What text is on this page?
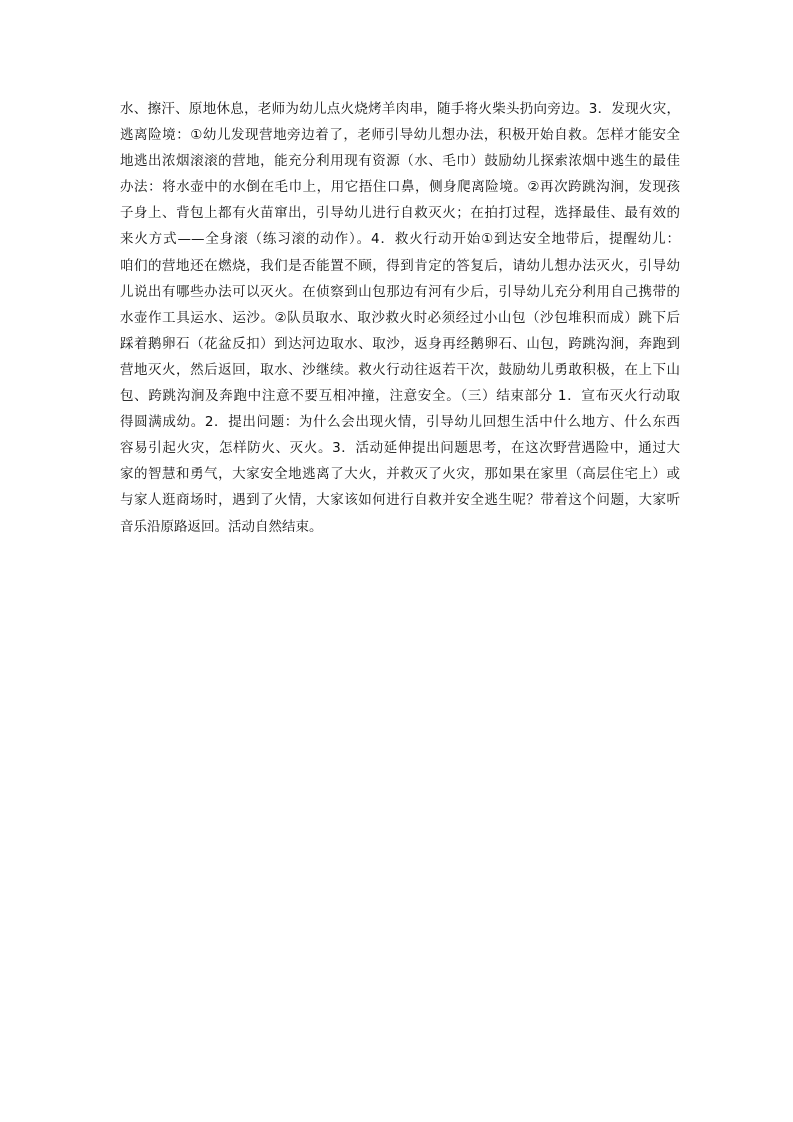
水、擦汗、原地休息，老师为幼儿点火烧烤羊肉串，随手将火柴头扔向旁边。3．发现火灾，
逃离险境：①幼儿发现营地旁边着了，老师引导幼儿想办法，积极开始自救。怎样才能安全
地逃出浓烟滚滚的营地，能充分利用现有资源（水、毛巾）鼓励幼儿探索浓烟中逃生的最佳
办法：将水壶中的水倒在毛巾上，用它捂住口鼻，侧身爬离险境。②再次跨跳沟涧，发现孩
子身上、背包上都有火苗窜出，引导幼儿进行自救灭火；在拍打过程，选择最佳、最有效的
来火方式——全身滚（练习滚的动作）。4．救火行动开始①到达安全地带后，提醒幼儿：
咱们的营地还在燃烧，我们是否能置不顾，得到肯定的答复后，请幼儿想办法灭火，引导幼
儿说出有哪些办法可以灭火。在侦察到山包那边有河有少后，引导幼儿充分利用自己携带的
水壶作工具运水、运沙。②队员取水、取沙救火时必须经过小山包（沙包堆积而成）跳下后
踩着鹅卵石（花盆反扣）到达河边取水、取沙，返身再经鹅卵石、山包，跨跳沟涧，奔跑到
营地灭火，然后返回，取水、沙继续。救火行动往返若干次，鼓励幼儿勇敢积极，在上下山
包、跨跳沟涧及奔跑中注意不要互相冲撞，注意安全。（三）结束部分 1．宣布灭火行动取
得圆满成幼。2．提出问题：为什么会出现火情，引导幼儿回想生活中什么地方、什么东西
容易引起火灾，怎样防火、灭火。3．活动延伸提出问题思考，在这次野营遇险中，通过大
家的智慧和勇气，大家安全地逃离了大火，并救灭了火灾，那如果在家里（高层住宅上）或
与家人逛商场时，遇到了火情，大家该如何进行自救并安全逃生呢？带着这个问题，大家听
音乐沿原路返回。活动自然结束。
